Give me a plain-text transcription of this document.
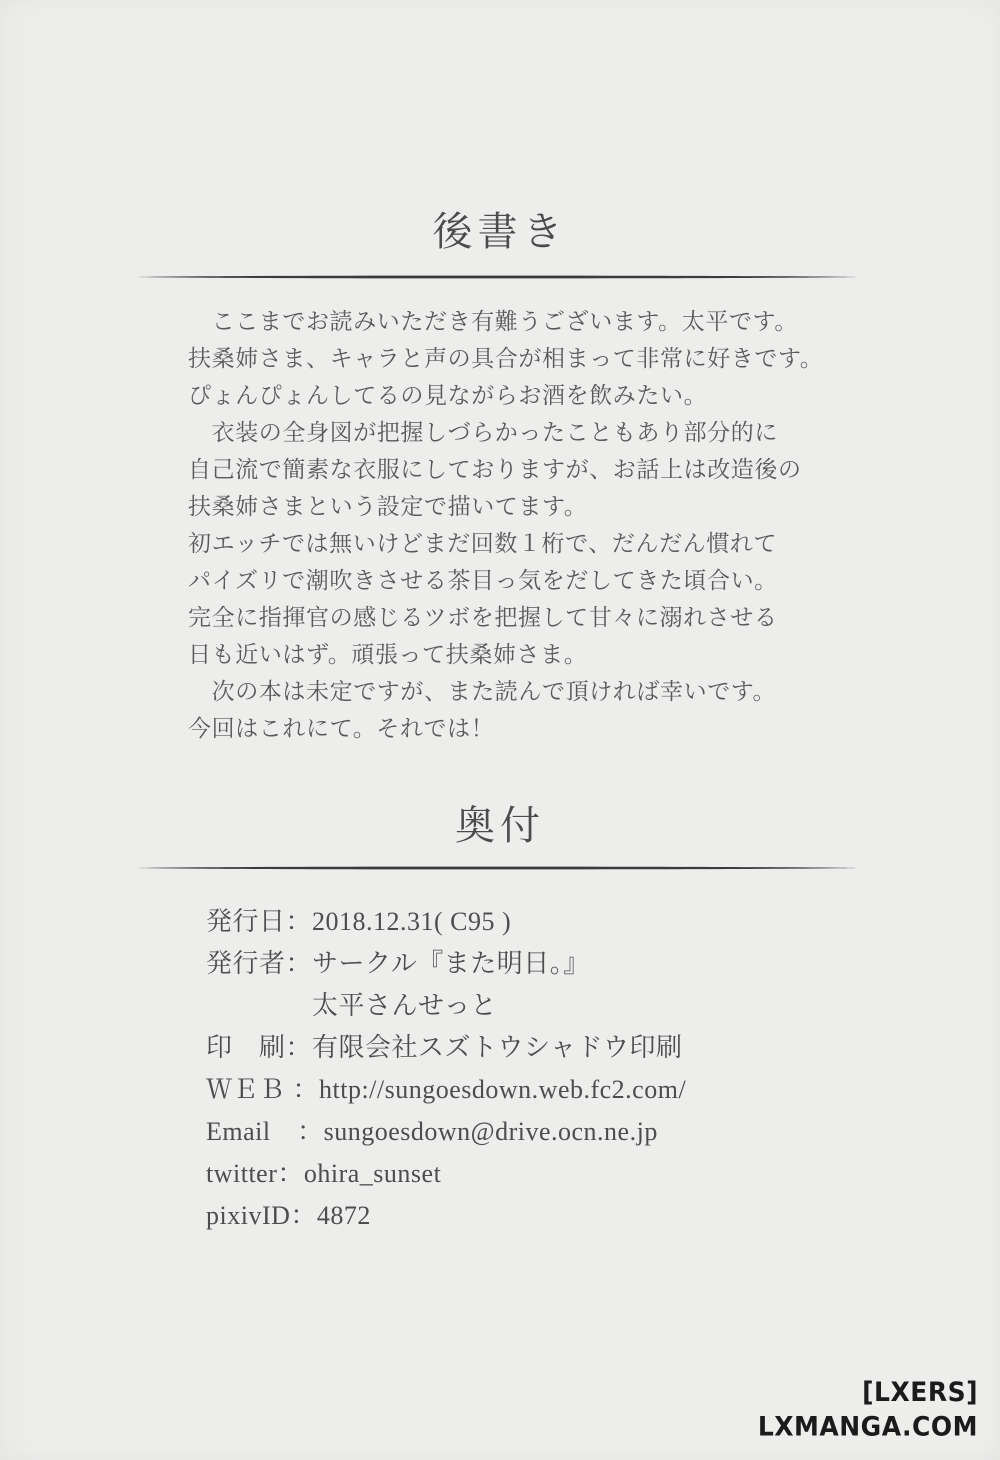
後書き
　ここまでお読みいただき有難うございます。太平です。
扶桑姉さま、キャラと声の具合が相まって非常に好きです。
ぴょんぴょんしてるの見ながらお酒を飲みたい。
　衣装の全身図が把握しづらかったこともあり部分的に
自己流で簡素な衣服にしておりますが、お話上は改造後の
扶桑姉さまという設定で描いてます。
初エッチでは無いけどまだ回数１桁で、だんだん慣れて
パイズリで潮吹きさせる茶目っ気をだしてきた頃合い。
完全に指揮官の感じるツボを把握して甘々に溺れさせる
日も近いはず。頑張って扶桑姉さま。
　次の本は未定ですが、また読んで頂ければ幸いです。
今回はこれにて。それでは！
奥付
発行日：2018.12.31( C95 )
発行者：サークル『また明日。』
　　　　太平さんせっと
印　刷：有限会社スズトウシャドウ印刷
ＷＥＢ ：http://sungoesdown.web.fc2.com/
Email　：sungoesdown@drive.ocn.ne.jp
twitter：ohira_sunset
pixivID：4872
[LXERS]
LXMANGA.COM
